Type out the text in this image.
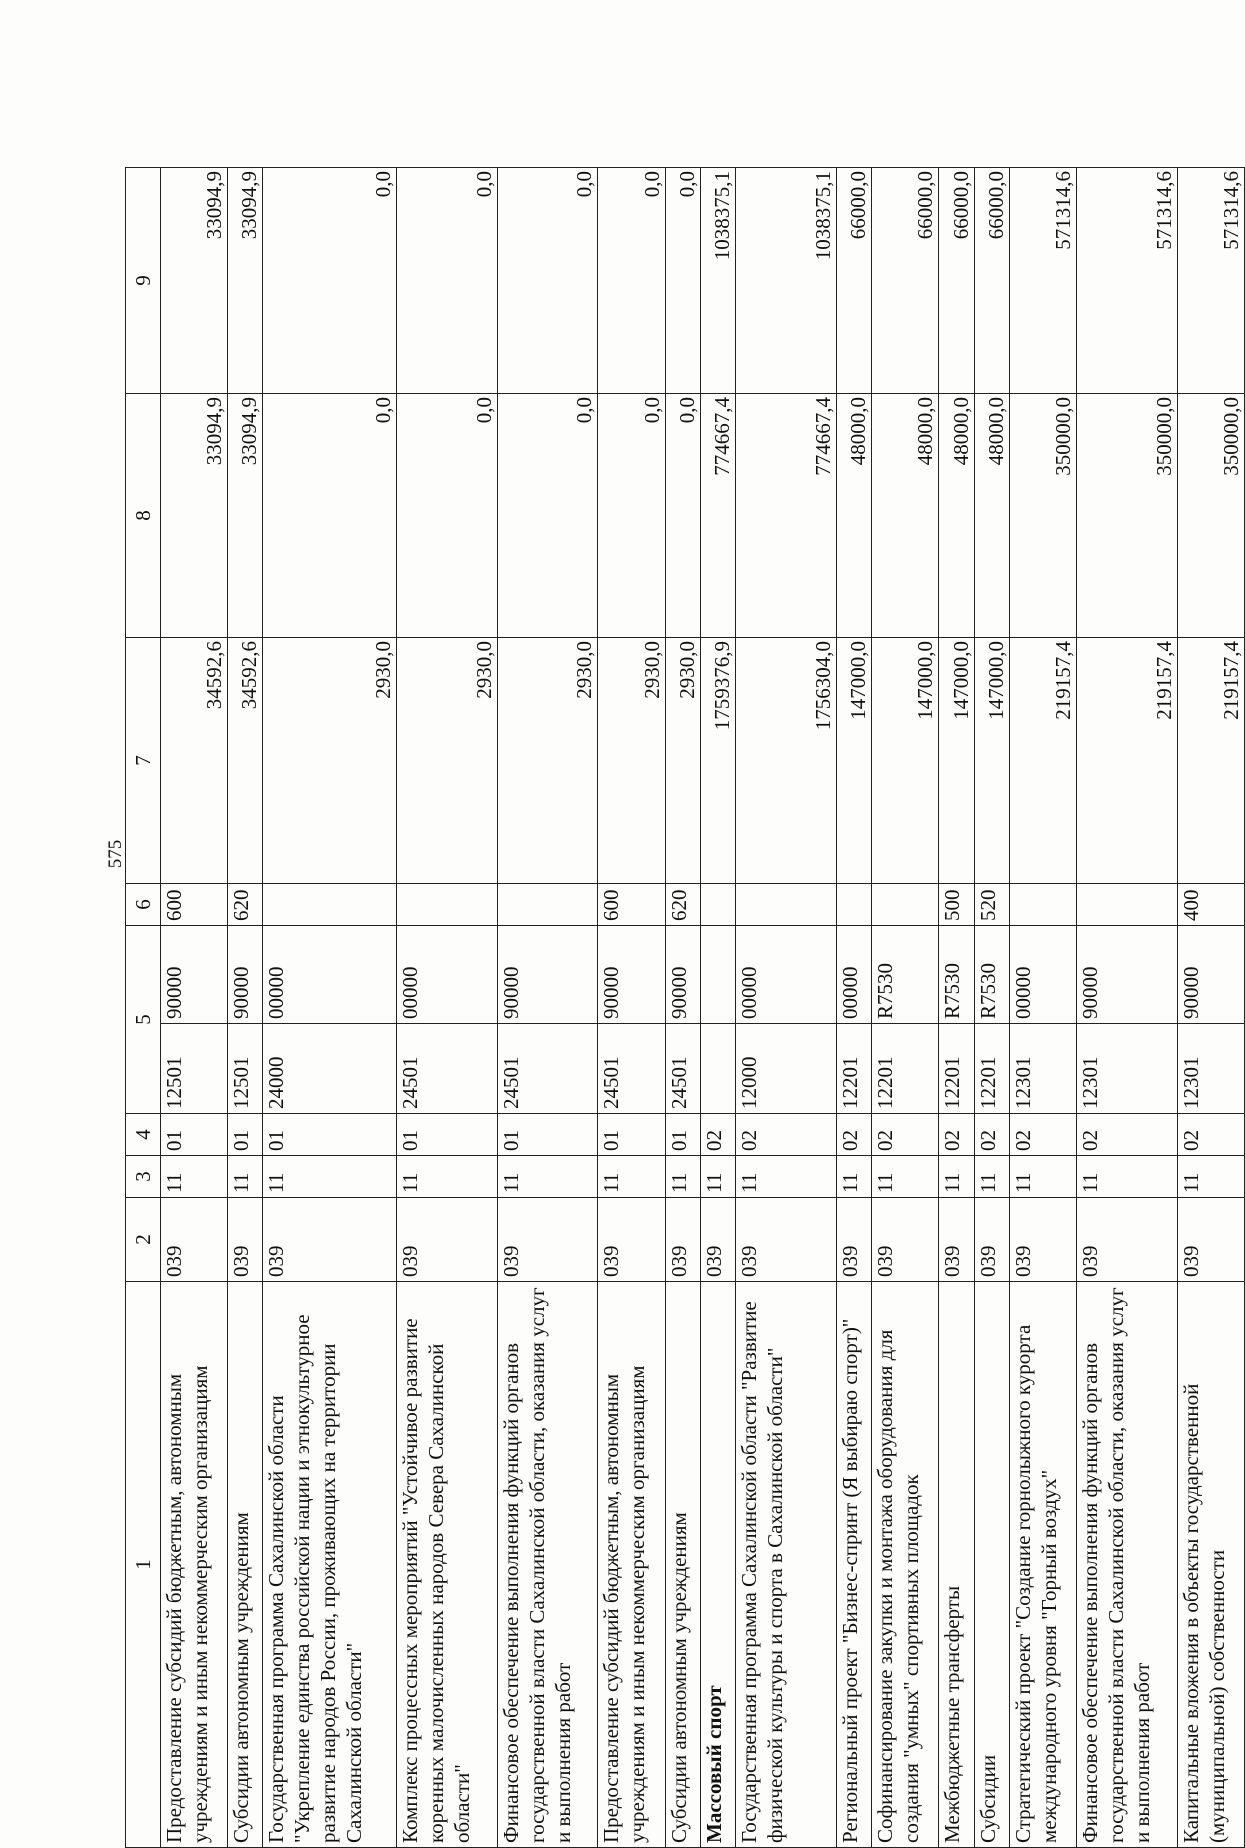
575
1	2	3	4	5		6	7	8	9
Предоставление субсидий бюджетным, автономным учреждениям и иным некоммерческим организациям	039	11	01	12501	90000	600	34592,6	33094,9	33094,9
Субсидии автономным учреждениям	039	11	01	12501	90000	620	34592,6	33094,9	33094,9
Государственная программа Сахалинской области "Укрепление единства российской нации и этнокультурное развитие народов России, проживающих на территории Сахалинской области"	039	11	01	24000	00000		2930,0	0,0	0,0
Комплекс процессных мероприятий "Устойчивое развитие коренных малочисленных народов Севера Сахалинской области"	039	11	01	24501	00000		2930,0	0,0	0,0
Финансовое обеспечение выполнения функций органов государственной власти Сахалинской области, оказания услуг и выполнения работ	039	11	01	24501	90000		2930,0	0,0	0,0
Предоставление субсидий бюджетным, автономным учреждениям и иным некоммерческим организациям	039	11	01	24501	90000	600	2930,0	0,0	0,0
Субсидии автономным учреждениям	039	11	01	24501	90000	620	2930,0	0,0	0,0
Массовый спорт	039	11	02				1759376,9	774667,4	1038375,1
Государственная программа Сахалинской области "Развитие физической культуры и спорта в Сахалинской области"	039	11	02	12000	00000		1756304,0	774667,4	1038375,1
Региональный проект "Бизнес-спринт (Я выбираю спорт)"	039	11	02	12201	00000		147000,0	48000,0	66000,0
Софинансирование закупки и монтажа оборудования для создания "умных" спортивных площадок	039	11	02	12201	R7530		147000,0	48000,0	66000,0
Межбюджетные трансферты	039	11	02	12201	R7530	500	147000,0	48000,0	66000,0
Субсидии	039	11	02	12201	R7530	520	147000,0	48000,0	66000,0
Стратегический проект "Создание горнолыжного курорта международного уровня "Горный воздух"	039	11	02	12301	00000		219157,4	350000,0	571314,6
Финансовое обеспечение выполнения функций органов государственной власти Сахалинской области, оказания услуг и выполнения работ	039	11	02	12301	90000		219157,4	350000,0	571314,6
Капитальные вложения в объекты государственной (муниципальной) собственности	039	11	02	12301	90000	400	219157,4	350000,0	571314,6
